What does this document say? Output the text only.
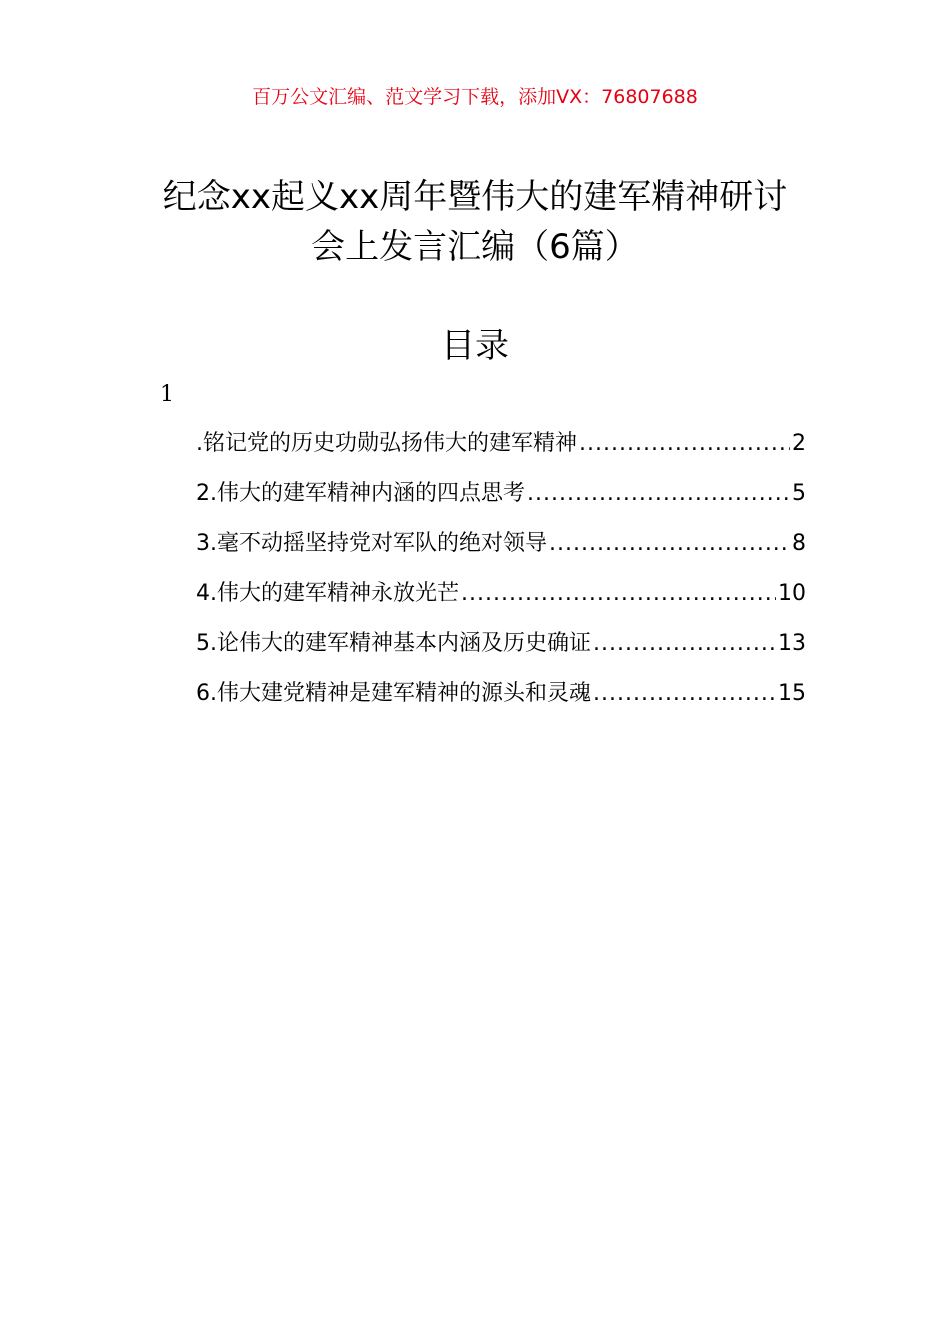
百万公文汇编、范文学习下载，添加VX：76807688
纪念xx起义xx周年暨伟大的建军精神研讨
会上发言汇编（6篇）
目录
1
.铭记党的历史功勋弘扬伟大的建军精神 .....	2
2.伟大的建军精神内涵的四点思考 .....	5
3.毫不动摇坚持党对军队的绝对领导 .....	8
4.伟大的建军精神永放光芒 .....	10
5.论伟大的建军精神基本内涵及历史确证 .....	13
6.伟大建党精神是建军精神的源头和灵魂 .....	15
